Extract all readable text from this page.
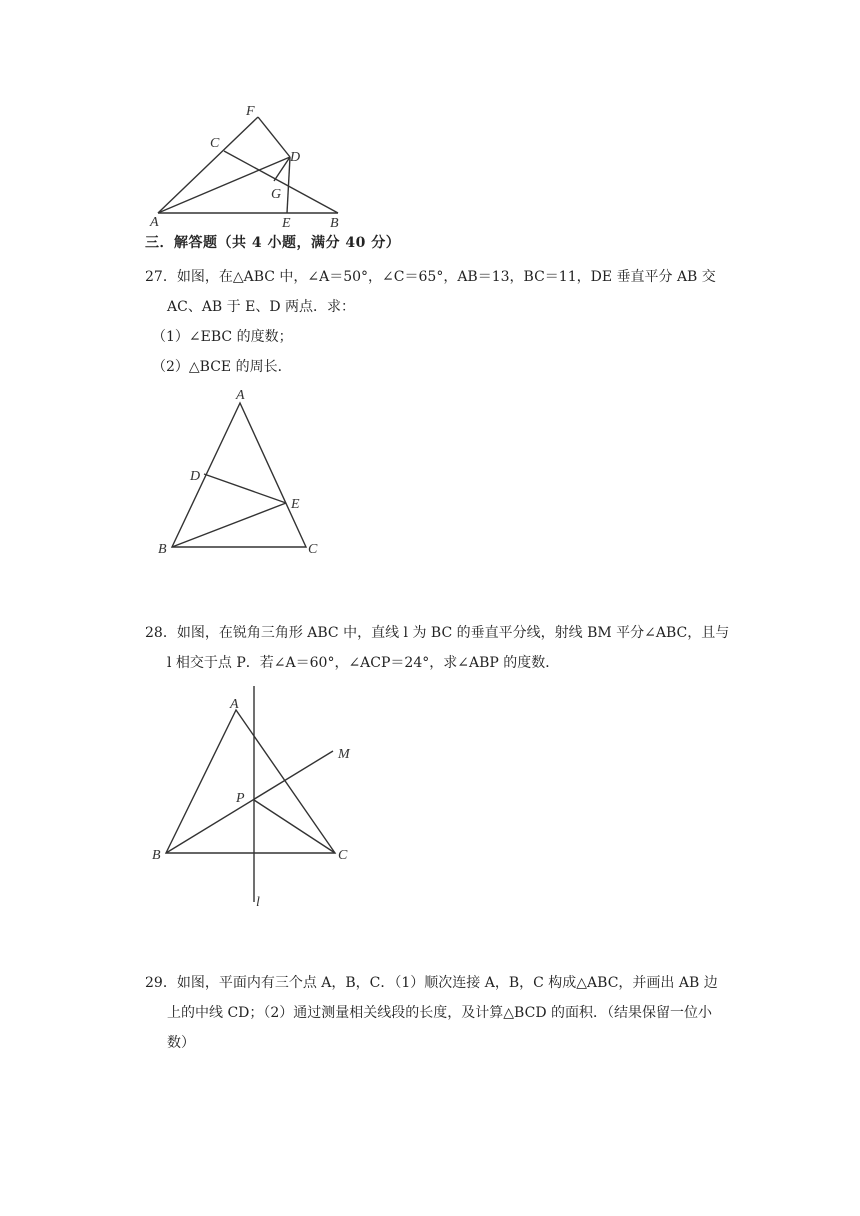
F
C
D
G
A	E	B
三．解答题（共 4 小题，满分 40 分）
27．如图，在△ABC 中，∠A＝50°，∠C＝65°，AB＝13，BC＝11，DE 垂直平分 AB 交
AC、AB 于 E、D 两点．求：
（1）∠EBC 的度数；
（2）△BCE 的周长．
A
D
E
B	C
28．如图，在锐角三角形 ABC 中，直线 l 为 BC 的垂直平分线，射线 BM 平分∠ABC，且与
l 相交于点 P．若∠A＝60°，∠ACP＝24°，求∠ABP 的度数．
A
M
P
B	C
l
29．如图，平面内有三个点 A，B，C．（1）顺次连接 A，B，C 构成△ABC，并画出 AB 边
上的中线 CD；（2）通过测量相关线段的长度，及计算△BCD 的面积．（结果保留一位小
数）
